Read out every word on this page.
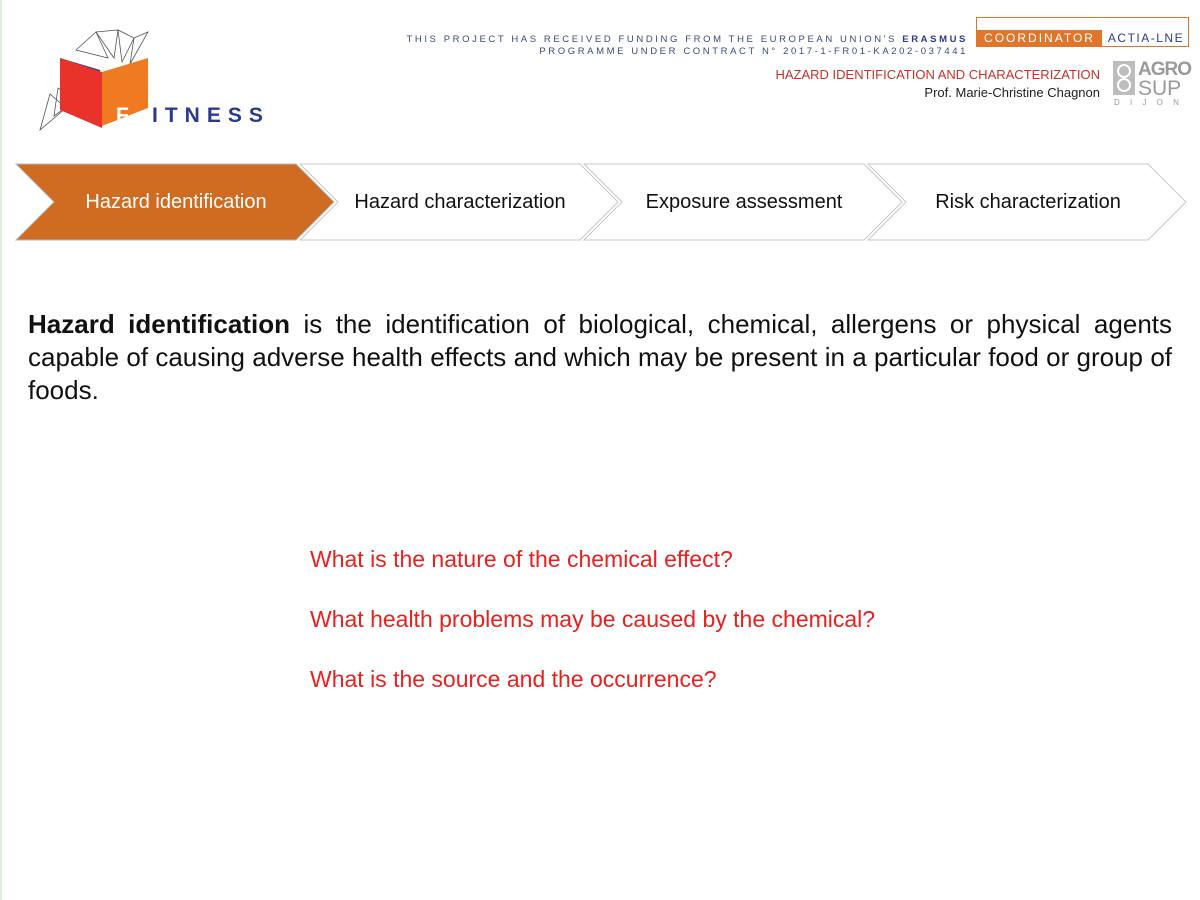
F ITNESS
THIS PROJECT HAS RECEIVED FUNDING FROM THE EUROPEAN UNION'S ERASMUS
PROGRAMME UNDER CONTRACT N° 2017-1-FR01-KA202-037441
COORDINATOR	ACTIA-LNE
HAZARD IDENTIFICATION AND CHARACTERIZATION
Prof. Marie-Christine Chagnon
AGRO
SUP
D I J O N
Hazard identification	Hazard characterization	Exposure assessment	Risk characterization
Hazard identification is the identification of biological, chemical, allergens or physical agents capable of causing adverse health effects and which may be present in a particular food or group of foods.
What is the nature of the chemical effect?
What health problems may be caused by the chemical?
What is the source and the occurrence?
